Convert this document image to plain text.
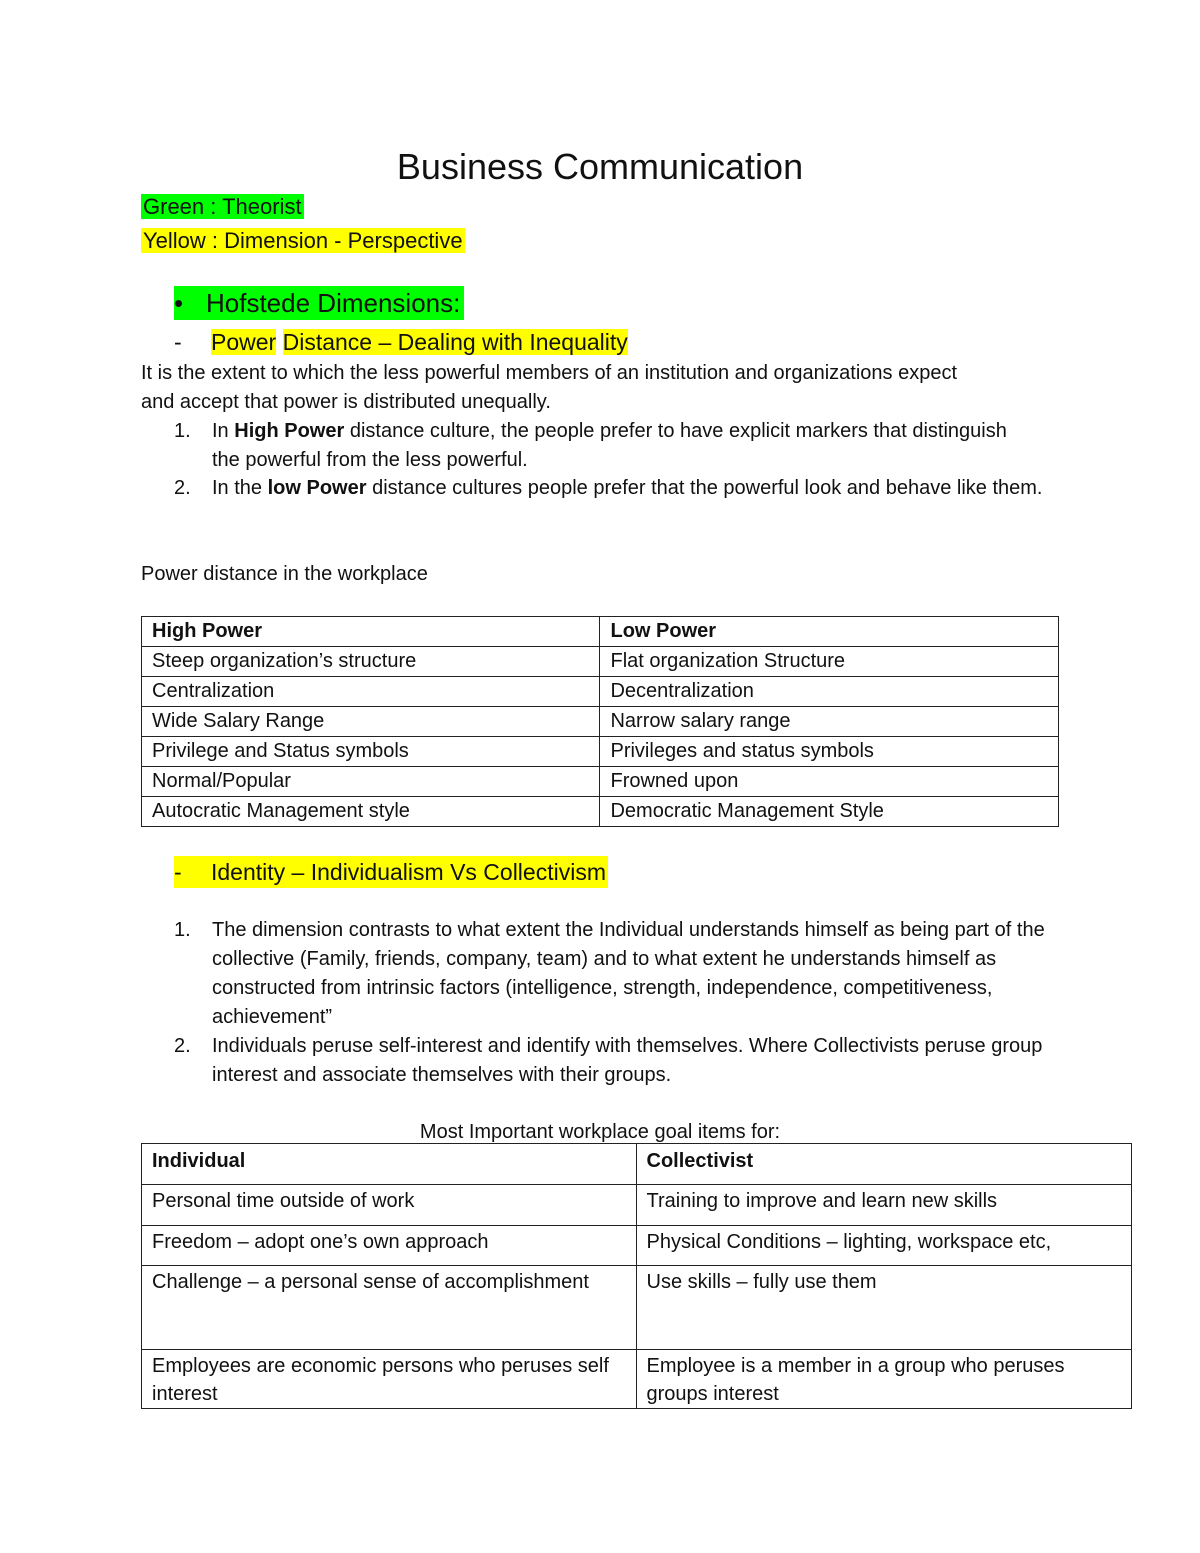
Business Communication
Green : Theorist
Yellow : Dimension - Perspective
• Hofstede Dimensions:
- Power Distance – Dealing with Inequality
It is the extent to which the less powerful members of an institution and organizations expect
and accept that power is distributed unequally.
1. In High Power distance culture, the people prefer to have explicit markers that distinguish the powerful from the less powerful.
2. In the low Power distance cultures people prefer that the powerful look and behave like them.
Power distance in the workplace
High Power	Low Power
Steep organization’s structure	Flat organization Structure
Centralization	Decentralization
Wide Salary Range	Narrow salary range
Privilege and Status symbols	Privileges and status symbols
Normal/Popular	Frowned upon
Autocratic Management style	Democratic Management Style
- Identity – Individualism Vs Collectivism
1. The dimension contrasts to what extent the Individual understands himself as being part of the collective (Family, friends, company, team) and to what extent he understands himself as constructed from intrinsic factors (intelligence, strength, independence, competitiveness, achievement”
2. Individuals peruse self-interest and identify with themselves. Where Collectivists peruse group interest and associate themselves with their groups.
Most Important workplace goal items for:
Individual	Collectivist
Personal time outside of work	Training to improve and learn new skills
Freedom – adopt one’s own approach	Physical Conditions – lighting, workspace etc,
Challenge – a personal sense of accomplishment	Use skills – fully use them
Employees are economic persons who peruses self interest	Employee is a member in a group who peruses groups interest
